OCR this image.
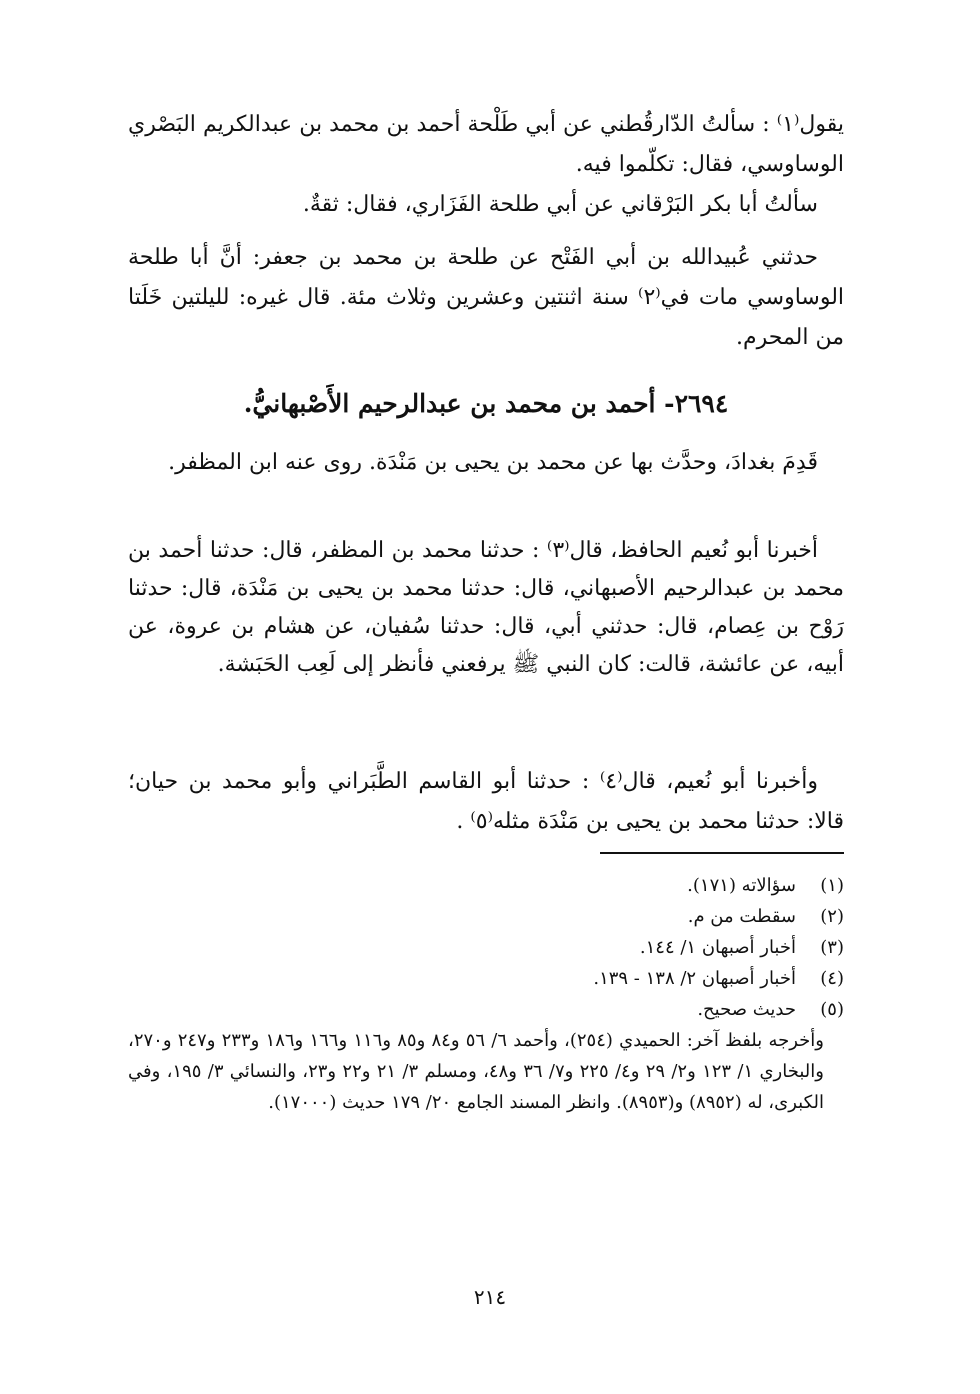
يقول⁽١⁾ : سألتُ الدّارقُطني عن أبي طَلْحة أحمد بن محمد بن عبدالكريم البَصْري الوساوسي، فقال: تكلّموا فيه.

سألتُ أبا بكر البَرْقاني عن أبي طلحة الفَزَاري، فقال: ثقةٌ.

حدثني عُبيدالله بن أبي الفَتْح عن طلحة بن محمد بن جعفر: أنَّ أبا طلحة الوساوسي مات في⁽٢⁾ سنة اثنتين وعشرين وثلاث مئة. قال غيره: لليلتين خَلَتا من المحرم.

٢٦٩٤- أحمد بن محمد بن عبدالرحيم الأَصْبهانيُّ.

قَدِمَ بغدادَ، وحدَّث بها عن محمد بن يحيى بن مَنْدَة. روى عنه ابن المظفر.

أخبرنا أبو نُعيم الحافظ، قال⁽٣⁾ : حدثنا محمد بن المظفر، قال: حدثنا أحمد بن محمد بن عبدالرحيم الأصبهاني، قال: حدثنا محمد بن يحيى بن مَنْدَة، قال: حدثنا رَوْح بن عِصام، قال: حدثني أبي، قال: حدثنا سُفيان، عن هشام بن عروة، عن أبيه، عن عائشة، قالت: كان النبي ﷺ يرفعني فأنظر إلى لَعِب الحَبَشة.

وأخبرنا أبو نُعيم، قال⁽٤⁾ : حدثنا أبو القاسم الطَّبَراني وأبو محمد بن حيان؛ قالا: حدثنا محمد بن يحيى بن مَنْدَة مثله⁽٥⁾ .

(١)
سؤالاته (١٧١).
(٢)
سقطت من م.
(٣)
أخبار أصبهان ١/ ١٤٤.
(٤)
أخبار أصبهان ٢/ ١٣٨ - ١٣٩.
(٥)
حديث صحيح.

وأخرجه بلفظ آخر: الحميدي (٢٥٤)، وأحمد ٦/ ٥٦ و٨٤ و٨٥ و١١٦ و١٦٦ و١٨٦ و٢٣٣ و٢٤٧ و٢٧٠، والبخاري ١/ ١٢٣ و٢/ ٢٩ و٤/ ٢٢٥ و٧/ ٣٦ و٤٨، ومسلم ٣/ ٢١ و٢٢ و٢٣، والنسائي ٣/ ١٩٥، وفي الكبرى، له (٨٩٥٢) و(٨٩٥٣). وانظر المسند الجامع ٢٠/ ١٧٩ حديث (١٧٠٠٠).

٢١٤
